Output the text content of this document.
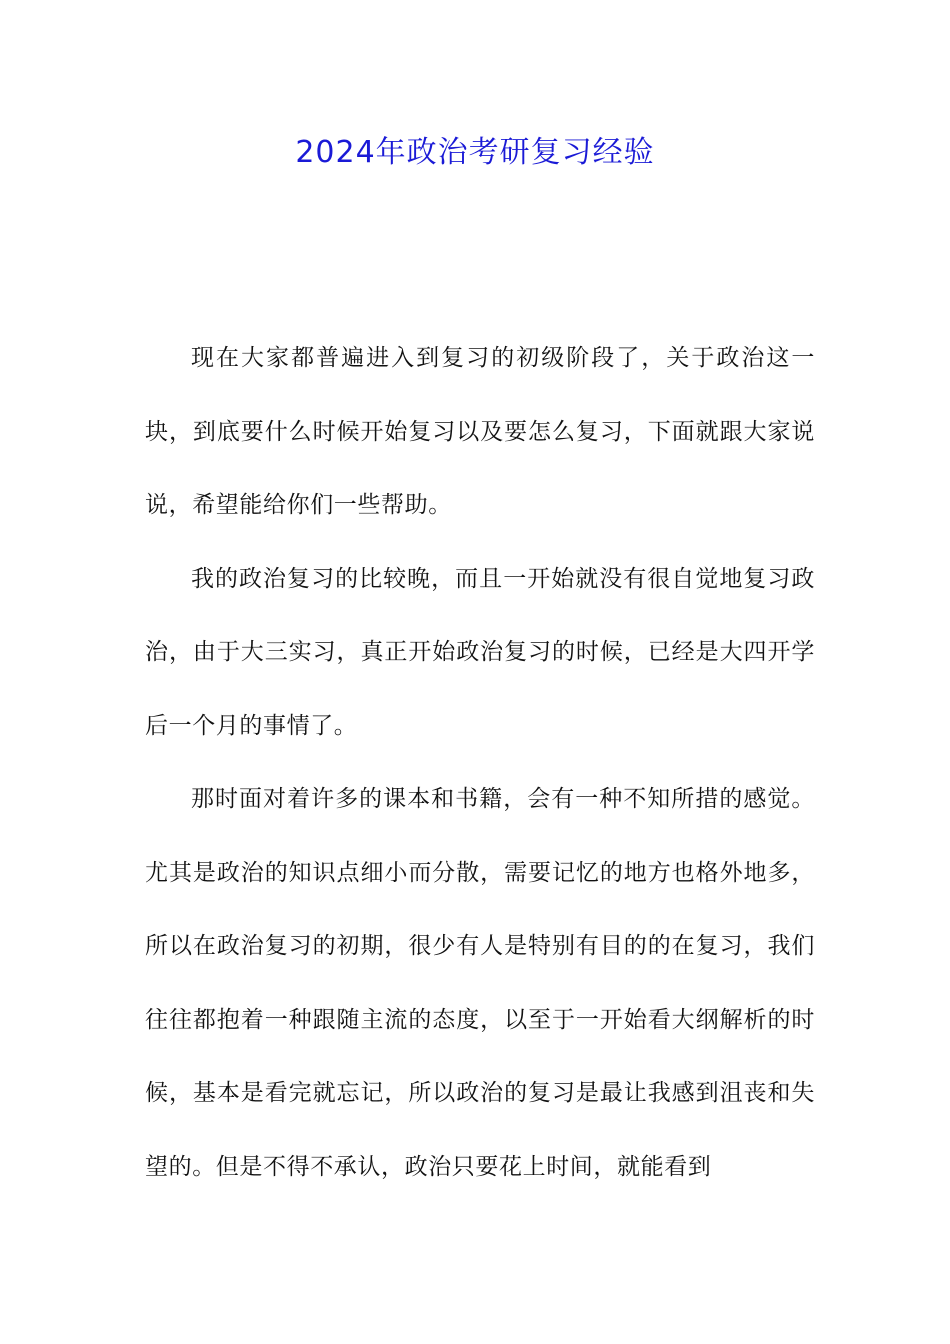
2024年政治考研复习经验

现在大家都普遍进入到复习的初级阶段了，关于政治这一块，到底要什么时候开始复习以及要怎么复习，下面就跟大家说说，希望能给你们一些帮助。

我的政治复习的比较晚，而且一开始就没有很自觉地复习政治，由于大三实习，真正开始政治复习的时候，已经是大四开学后一个月的事情了。

那时面对着许多的课本和书籍，会有一种不知所措的感觉。尤其是政治的知识点细小而分散，需要记忆的地方也格外地多，所以在政治复习的初期，很少有人是特别有目的的在复习，我们往往都抱着一种跟随主流的态度，以至于一开始看大纲解析的时候，基本是看完就忘记，所以政治的复习是最让我感到沮丧和失望的。但是不得不承认，政治只要花上时间，就能看到
